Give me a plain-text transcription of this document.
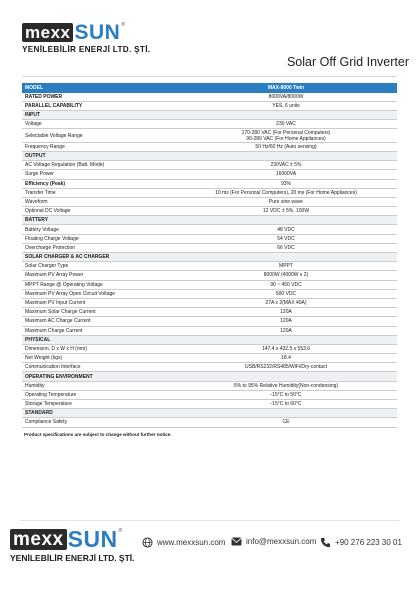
mexx SUN ®
YENİLEBİLİR ENERJİ LTD. ŞTİ.
Solar Off Grid Inverter
MODEL	MAX-8000 Twin
RATED POWER	8000VA/8000W
PARALLEL CAPABILITY	YES, 6 units
INPUT
Voltage	230 VAC
Selectable Voltage Range	170-280 VAC (For Personal Computers)
90-280 VAC (For Home Appliances)
Frequency Range	50 Hz/60 Hz (Auto sensing)
OUTPUT
AC Voltage Regulation (Batt. Mode)	230VAC ± 5%
Surge Power	16000VA
Efficiency (Peak)	93%
Transfer Time	10 ms (For Personal Computers), 20 ms (For Home Appliances)
Waveform	Pure sine wave
Optional DC Voltage	12 VDC ± 5%, 100W
BATTERY
Battery Voltage	48 VDC
Floating Charge Voltage	54 VDC
Overcharge Protection	66 VDC
SOLAR CHARGER & AC CHARGER
Solar Charger Type	MPPT
Maximum PV Array Power	8000W (4000W x 2)
MPPT Range @ Operating Voltage	90 ~ 450 VDC
Maximum PV Array Open Circuit Voltage	500 VDC
Maximum PV Input Current	27A x 2(MAX 40A)
Maximum Solar Charge Current	120A
Maximum AC Charge Current	120A
Maximum Charge Current	120A
PHYSICAL
Dimension, D x W x H (mm)	147.4 x 432.5 x 553.6
Net Weight (kgs)	18.4
Communication Interface	USB/RS232/RS485/WiFi/Dry-contact
OPERATING ENVIRONMENT
Humidity	5% to 95% Relative Humidity(Non-condensing)
Operating Temperature	-15°C to 50°C
Storage Temperature	-15°C to 60°C
STANDARD
Compliance Safety	CE
Product specifications are subject to change without further notice.
mexx SUN ®
YENİLEBİLİR ENERJİ LTD. ŞTİ.
www.mexxsun.com	info@mexxsun.com +90 276 223 30 01
